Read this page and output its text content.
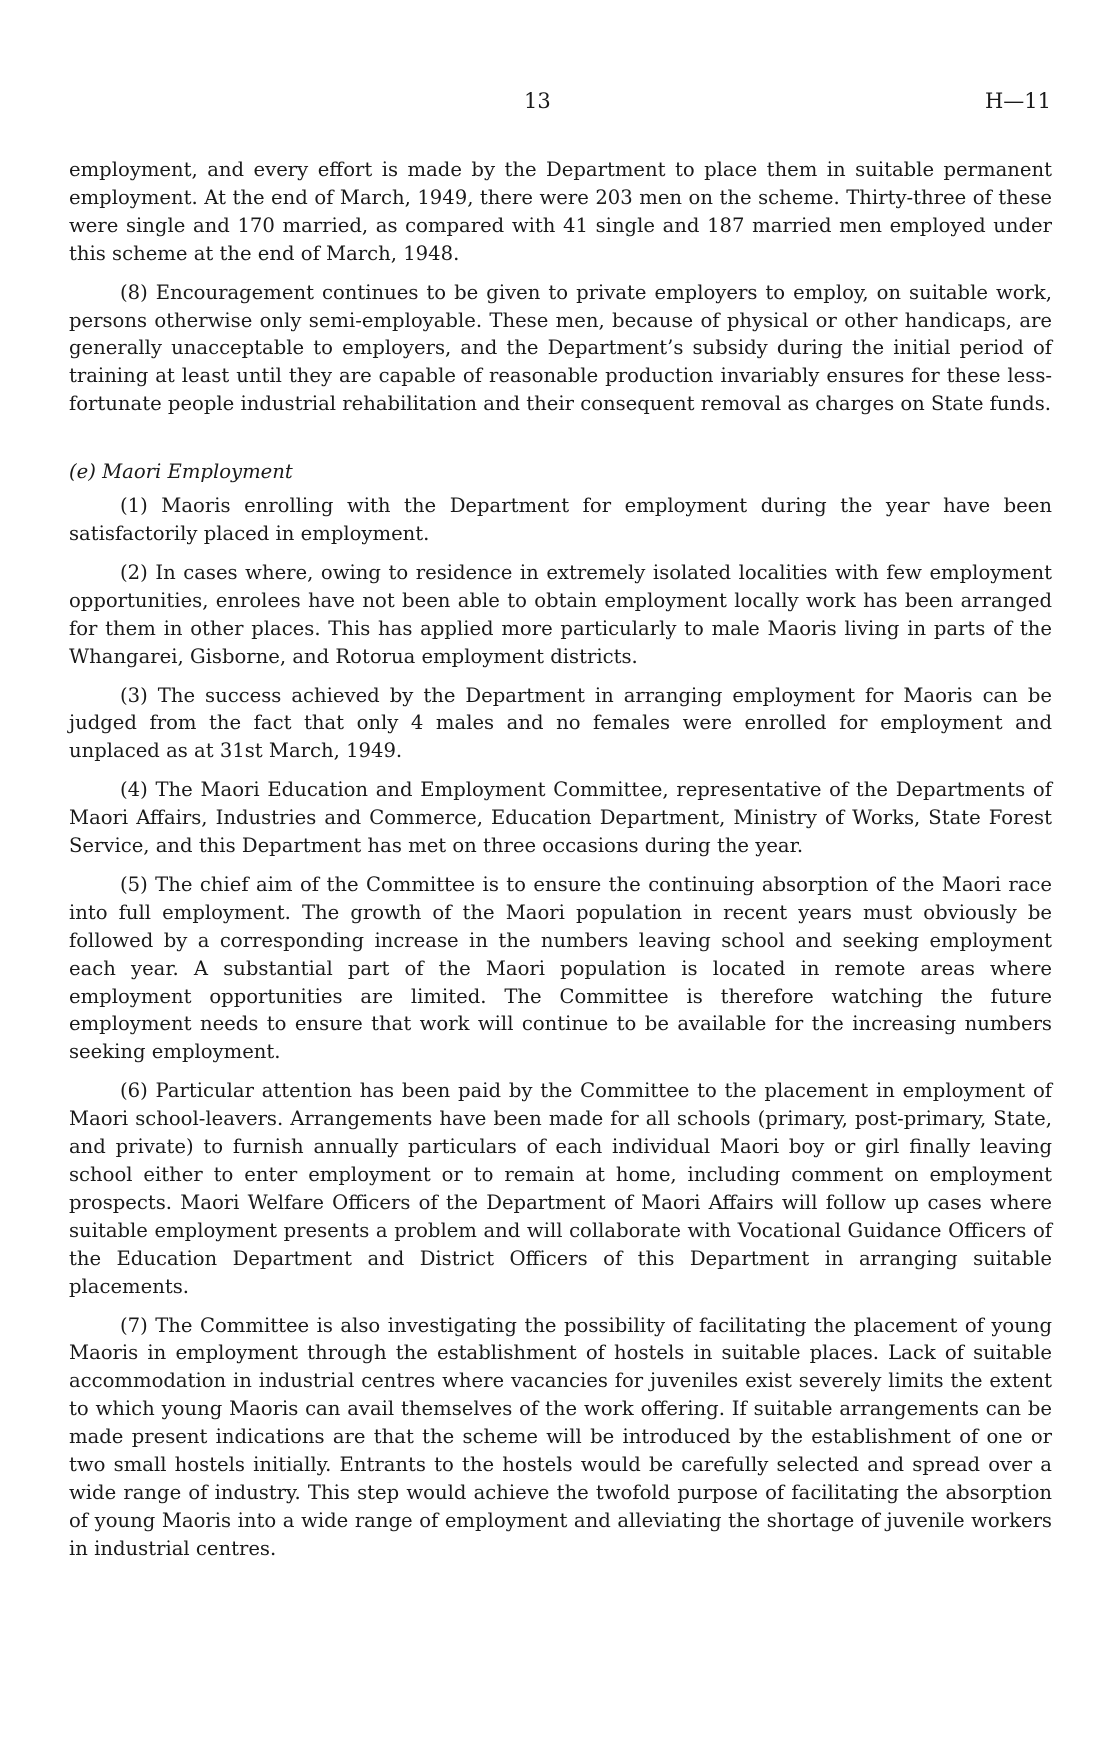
13	H—11

employment, and every effort is made by the Department to place them in suitable permanent employment. At the end of March, 1949, there were 203 men on the scheme. Thirty-three of these were single and 170 married, as compared with 41 single and 187 married men employed under this scheme at the end of March, 1948.

(8) Encouragement continues to be given to private employers to employ, on suitable work, persons otherwise only semi-employable. These men, because of physical or other handicaps, are generally unacceptable to employers, and the Department’s subsidy during the initial period of training at least until they are capable of reasonable production invariably ensures for these less-fortunate people industrial rehabilitation and their consequent removal as charges on State funds.

(e) Maori Employment

(1) Maoris enrolling with the Department for employment during the year have been satisfactorily placed in employment.

(2) In cases where, owing to residence in extremely isolated localities with few employment opportunities, enrolees have not been able to obtain employment locally work has been arranged for them in other places. This has applied more particularly to male Maoris living in parts of the Whangarei, Gisborne, and Rotorua employment districts.

(3) The success achieved by the Department in arranging employment for Maoris can be judged from the fact that only 4 males and no females were enrolled for employment and unplaced as at 31st March, 1949.

(4) The Maori Education and Employment Committee, representative of the Departments of Maori Affairs, Industries and Commerce, Education Department, Ministry of Works, State Forest Service, and this Department has met on three occasions during the year.

(5) The chief aim of the Committee is to ensure the continuing absorption of the Maori race into full employment. The growth of the Maori population in recent years must obviously be followed by a corresponding increase in the numbers leaving school and seeking employment each year. A substantial part of the Maori population is located in remote areas where employment opportunities are limited. The Committee is therefore watching the future employment needs to ensure that work will continue to be available for the increasing numbers seeking employment.

(6) Particular attention has been paid by the Committee to the placement in employment of Maori school-leavers. Arrangements have been made for all schools (primary, post-primary, State, and private) to furnish annually particulars of each individual Maori boy or girl finally leaving school either to enter employment or to remain at home, including comment on employment prospects. Maori Welfare Officers of the Department of Maori Affairs will follow up cases where suitable employment presents a problem and will collaborate with Vocational Guidance Officers of the Education Department and District Officers of this Department in arranging suitable placements.

(7) The Committee is also investigating the possibility of facilitating the placement of young Maoris in employment through the establishment of hostels in suitable places. Lack of suitable accommodation in industrial centres where vacancies for juveniles exist severely limits the extent to which young Maoris can avail themselves of the work offering. If suitable arrangements can be made present indications are that the scheme will be introduced by the establishment of one or two small hostels initially. Entrants to the hostels would be carefully selected and spread over a wide range of industry. This step would achieve the twofold purpose of facilitating the absorption of young Maoris into a wide range of employment and alleviating the shortage of juvenile workers in industrial centres.
